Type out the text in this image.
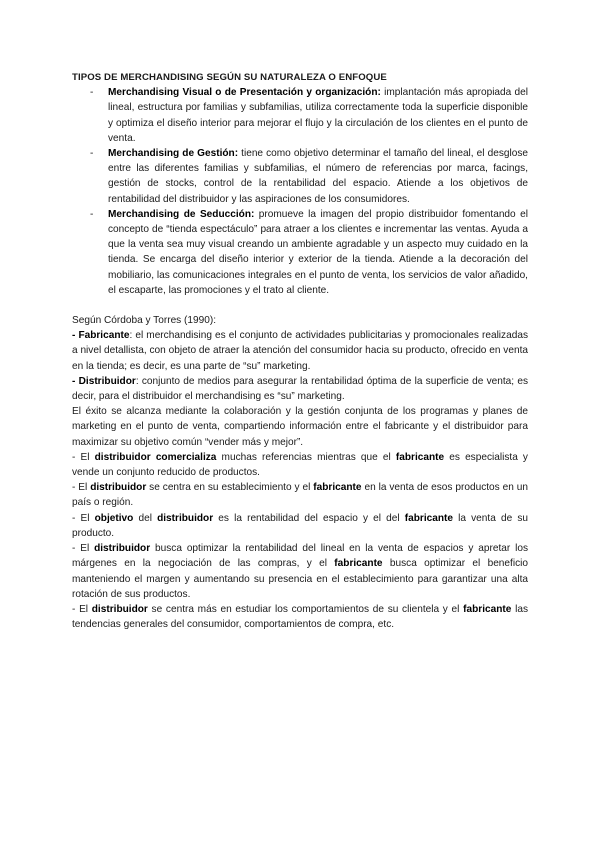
TIPOS DE MERCHANDISING SEGÚN SU NATURALEZA O ENFOQUE

- Merchandising Visual o de Presentación y organización: implantación más apropiada del lineal, estructura por familias y subfamilias, utiliza correctamente toda la superficie disponible y optimiza el diseño interior para mejorar el flujo y la circulación de los clientes en el punto de venta.
- Merchandising de Gestión: tiene como objetivo determinar el tamaño del lineal, el desglose entre las diferentes familias y subfamilias, el número de referencias por marca, facings, gestión de stocks, control de la rentabilidad del espacio. Atiende a los objetivos de rentabilidad del distribuidor y las aspiraciones de los consumidores.
- Merchandising de Seducción: promueve la imagen del propio distribuidor fomentando el concepto de “tienda espectáculo” para atraer a los clientes e incrementar las ventas. Ayuda a que la venta sea muy visual creando un ambiente agradable y un aspecto muy cuidado en la tienda. Se encarga del diseño interior y exterior de la tienda. Atiende a la decoración del mobiliario, las comunicaciones integrales en el punto de venta, los servicios de valor añadido, el escaparte, las promociones y el trato al cliente.

Según Córdoba y Torres (1990):

- Fabricante: el merchandising es el conjunto de actividades publicitarias y promocionales realizadas a nivel detallista, con objeto de atraer la atención del consumidor hacia su producto, ofrecido en venta en la tienda; es decir, es una parte de “su” marketing.

- Distribuidor: conjunto de medios para asegurar la rentabilidad óptima de la superficie de venta; es decir, para el distribuidor el merchandising es “su” marketing.

El éxito se alcanza mediante la colaboración y la gestión conjunta de los programas y planes de marketing en el punto de venta, compartiendo información entre el fabricante y el distribuidor para maximizar su objetivo común “vender más y mejor”.

- El distribuidor comercializa muchas referencias mientras que el fabricante es especialista y vende un conjunto reducido de productos.

- El distribuidor se centra en su establecimiento y el fabricante en la venta de esos productos en un país o región.

- El objetivo del distribuidor es la rentabilidad del espacio y el del fabricante la venta de su producto.

- El distribuidor busca optimizar la rentabilidad del lineal en la venta de espacios y apretar los márgenes en la negociación de las compras, y el fabricante busca optimizar el beneficio manteniendo el margen y aumentando su presencia en el establecimiento para garantizar una alta rotación de sus productos.

- El distribuidor se centra más en estudiar los comportamientos de su clientela y el fabricante las tendencias generales del consumidor, comportamientos de compra, etc.
